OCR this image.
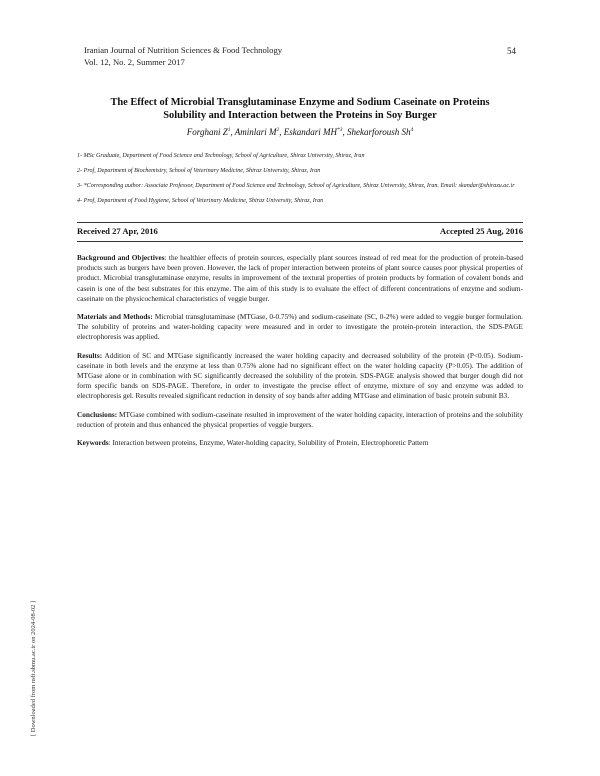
Iranian Journal of Nutrition Sciences & Food Technology
Vol. 12, No. 2, Summer 2017
54
The Effect of Microbial Transglutaminase Enzyme and Sodium Caseinate on Proteins
Solubility and Interaction between the Proteins in Soy Burger
Forghani $Z^1$, Aminlari $M^2$, Eskandari MH$^{*3}$, Shekarforoush Sh$^4$

1- MSc Graduate, Department of Food Science and Technology, School of Agriculture, Shiraz University, Shiraz, Iran

2- Prof, Department of Biochemistry, School of Veterinary Medicine, Shiraz University, Shiraz, Iran

3- *Corresponding author: Associate Professor, Department of Food Science and Technology, School of Agriculture, Shiraz University, Shiraz, Iran. Email: skandar@shirazu.ac.ir

4- Prof, Department of Food Hygiene, School of Veterinary Medicine, Shiraz University, Shiraz, Iran

Received 27 Apr, 2016	Accepted 25 Aug, 2016

Background and Objectives: the healthier effects of protein sources, especially plant sources instead of red meat for the production of protein-based products such as burgers have been proven. However, the lack of proper interaction between proteins of plant source causes poor physical properties of product. Microbial transglutaminase enzyme, results in improvement of the textural properties of protein products by formation of covalent bonds and casein is one of the best substrates for this enzyme. The aim of this study is to evaluate the effect of different concentrations of enzyme and sodium-caseinate on the physicochemical characteristics of veggie burger.

Materials and Methods: Microbial transglutaminase (MTGase, 0-0.75%) and sodium-caseinate (SC, 0-2%) were added to veggie burger formulation. The solubility of proteins and water-holding capacity were measured and in order to investigate the protein-protein interaction, the SDS-PAGE electrophoresis was applied.

Results: Addition of SC and MTGase significantly increased the water holding capacity and decreased solubility of the protein (P<0.05). Sodium-caseinate in both levels and the enzyme at less than 0.75% alone had no significant effect on the water holding capacity (P>0.05). The addition of MTGase alone or in combination with SC significantly decreased the solubility of the protein. SDS-PAGE analysis showed that burger dough did not form specific bands on SDS-PAGE. Therefore, in order to investigate the precise effect of enzyme, mixture of soy and enzyme was added to electrophoresis gel. Results revealed significant reduction in density of soy bands after adding MTGase and elimination of basic protein subunit B3.

Conclusions: MTGase combined with sodium-caseinate resulted in improvement of the water holding capacity, interaction of proteins and the solubility reduction of protein and thus enhanced the physical properties of veggie burgers.

Keywords: Interaction between proteins, Enzyme, Water-holding capacity, Solubility of Protein, Electrophoretic Pattern

[ Downloaded from nsft.sbmu.ac.ir on 2024-08-02 ]
